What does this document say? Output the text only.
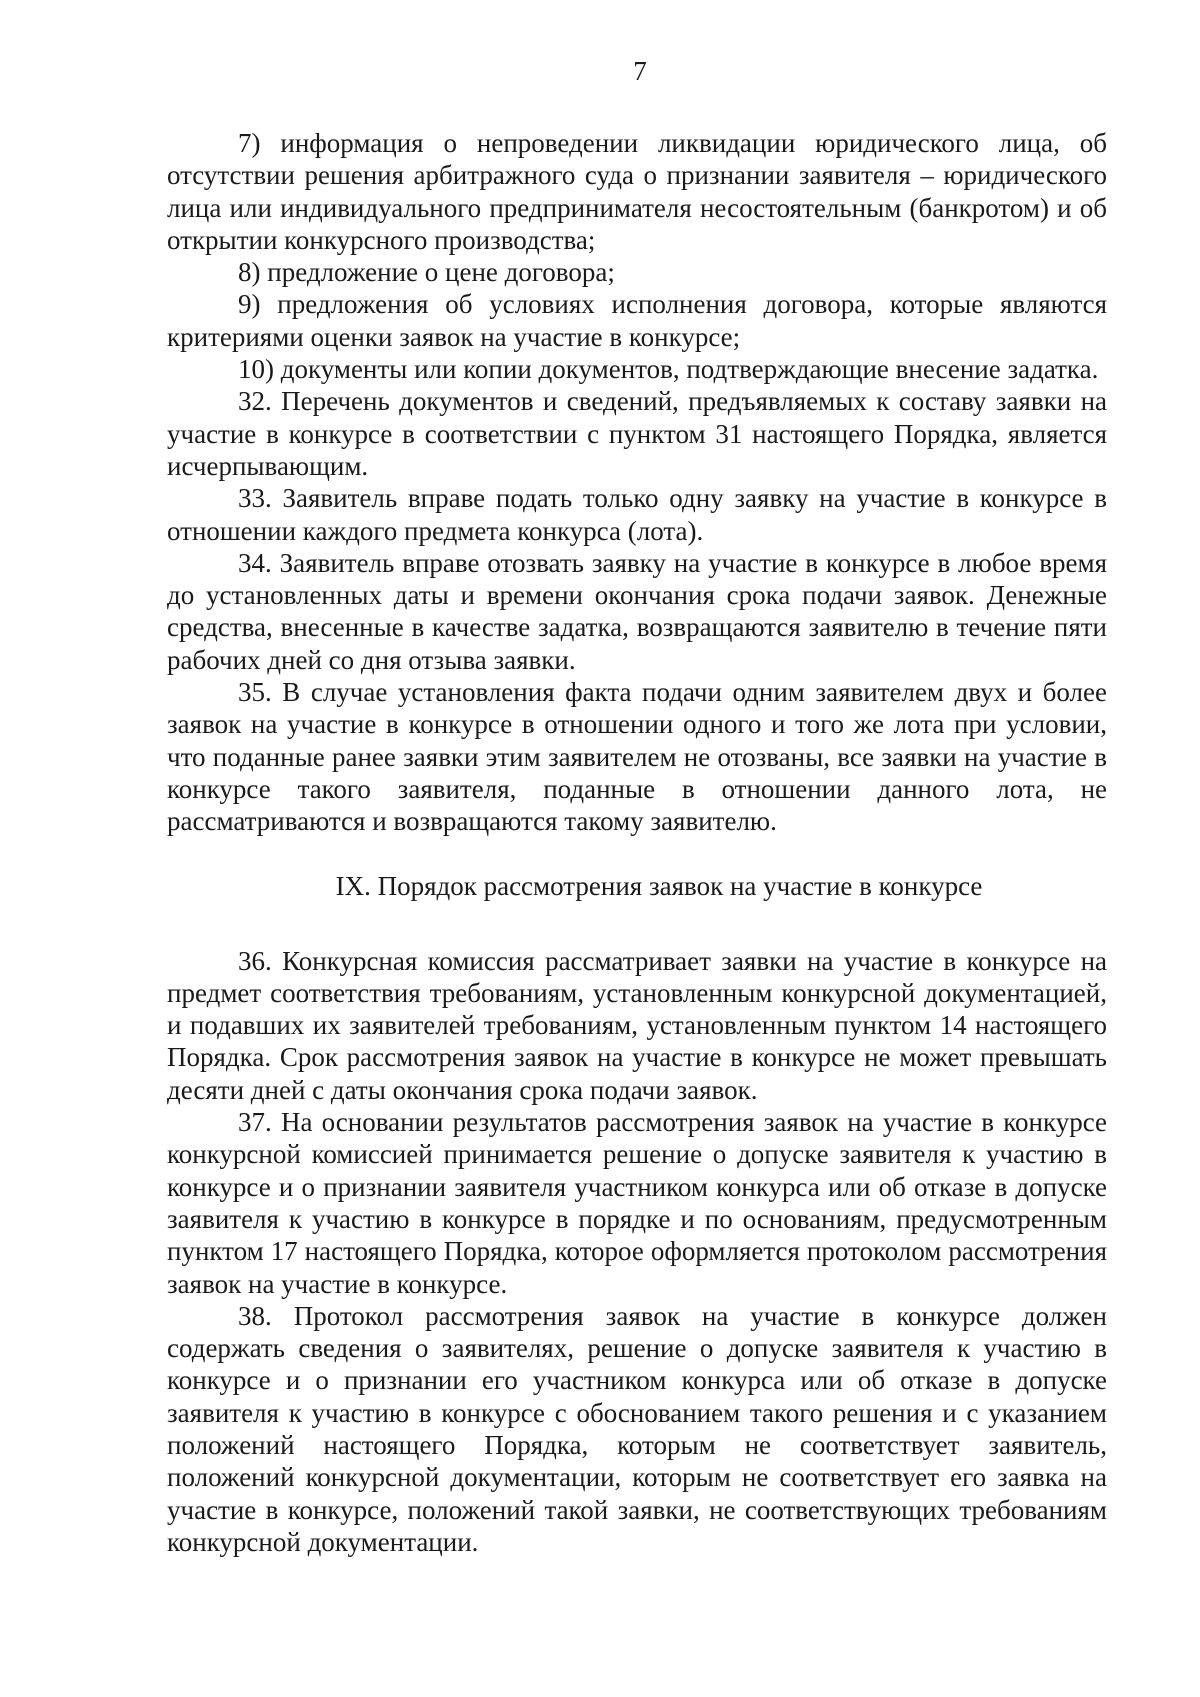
7

7) информация о непроведении ликвидации юридического лица, об отсутствии решения арбитражного суда о признании заявителя – юридического лица или индивидуального предпринимателя несостоятельным (банкротом) и об открытии конкурсного производства;

8) предложение о цене договора;

9) предложения об условиях исполнения договора, которые являются критериями оценки заявок на участие в конкурсе;

10) документы или копии документов, подтверждающие внесение задатка.

32. Перечень документов и сведений, предъявляемых к составу заявки на участие в конкурсе в соответствии с пунктом 31 настоящего Порядка, является исчерпывающим.

33. Заявитель вправе подать только одну заявку на участие в конкурсе в отношении каждого предмета конкурса (лота).

34. Заявитель вправе отозвать заявку на участие в конкурсе в любое время до установленных даты и времени окончания срока подачи заявок. Денежные средства, внесенные в качестве задатка, возвращаются заявителю в течение пяти рабочих дней со дня отзыва заявки.

35. В случае установления факта подачи одним заявителем двух и более заявок на участие в конкурсе в отношении одного и того же лота при условии, что поданные ранее заявки этим заявителем не отозваны, все заявки на участие в конкурсе такого заявителя, поданные в отношении данного лота, не рассматриваются и возвращаются такому заявителю.

IX. Порядок рассмотрения заявок на участие в конкурсе

36. Конкурсная комиссия рассматривает заявки на участие в конкурсе на предмет соответствия требованиям, установленным конкурсной документацией, и подавших их заявителей требованиям, установленным пунктом 14 настоящего Порядка. Срок рассмотрения заявок на участие в конкурсе не может превышать десяти дней с даты окончания срока подачи заявок.

37. На основании результатов рассмотрения заявок на участие в конкурсе конкурсной комиссией принимается решение о допуске заявителя к участию в конкурсе и о признании заявителя участником конкурса или об отказе в допуске заявителя к участию в конкурсе в порядке и по основаниям, предусмотренным пунктом 17 настоящего Порядка, которое оформляется протоколом рассмотрения заявок на участие в конкурсе.

38. Протокол рассмотрения заявок на участие в конкурсе должен содержать сведения о заявителях, решение о допуске заявителя к участию в конкурсе и о признании его участником конкурса или об отказе в допуске заявителя к участию в конкурсе с обоснованием такого решения и с указанием положений настоящего Порядка, которым не соответствует заявитель, положений конкурсной документации, которым не соответствует его заявка на участие в конкурсе, положений такой заявки, не соответствующих требованиям конкурсной документации.
